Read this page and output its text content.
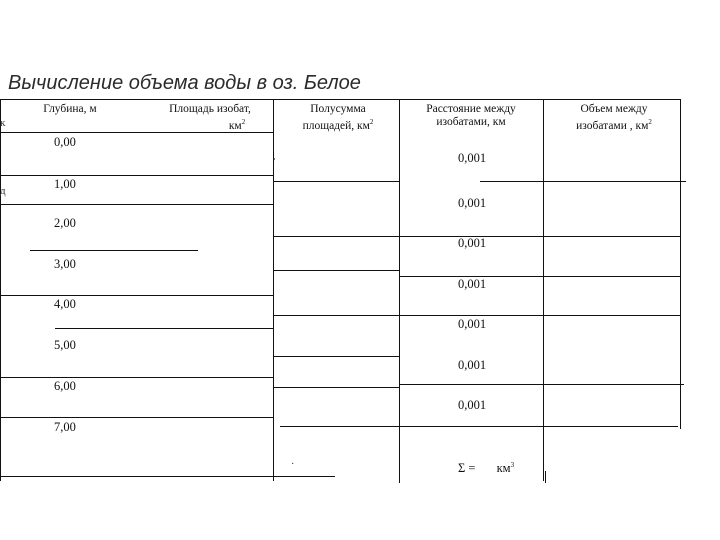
Вычисление объема воды в оз. Белое
Глубина, м	Площадь изобат,
$км^2$
Полусумма
площадей, $км^2$
Расстояние между
изобатами, км
Объем между
изобатами , $км^2$
0,00
1,00
2,00
3,00
4,00
5,00
6,00
7,00
0,001
0,001
0,001
0,001
0,001
0,001
0,001
$\Sigma = км^3$
к
д
,
·
